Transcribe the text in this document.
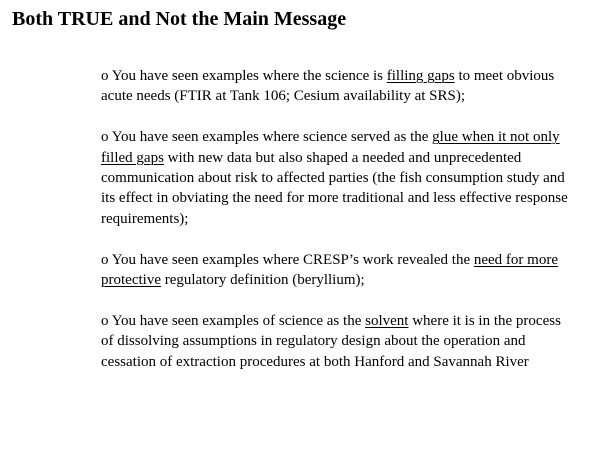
Both TRUE and Not the Main Message

o You have seen examples where the science is filling gaps to meet obvious acute needs (FTIR at Tank 106; Cesium availability at SRS);

o You have seen examples where science served as the glue when it not only filled gaps with new data but also shaped a needed and unprecedented communication about risk to affected parties (the fish consumption study and its effect in obviating the need for more traditional and less effective response requirements);

o You have seen examples where CRESP’s work revealed the need for more protective regulatory definition (beryllium);

o You have seen examples of science as the solvent where it is in the process of dissolving assumptions in regulatory design about the operation and cessation of extraction procedures at both Hanford and Savannah River
